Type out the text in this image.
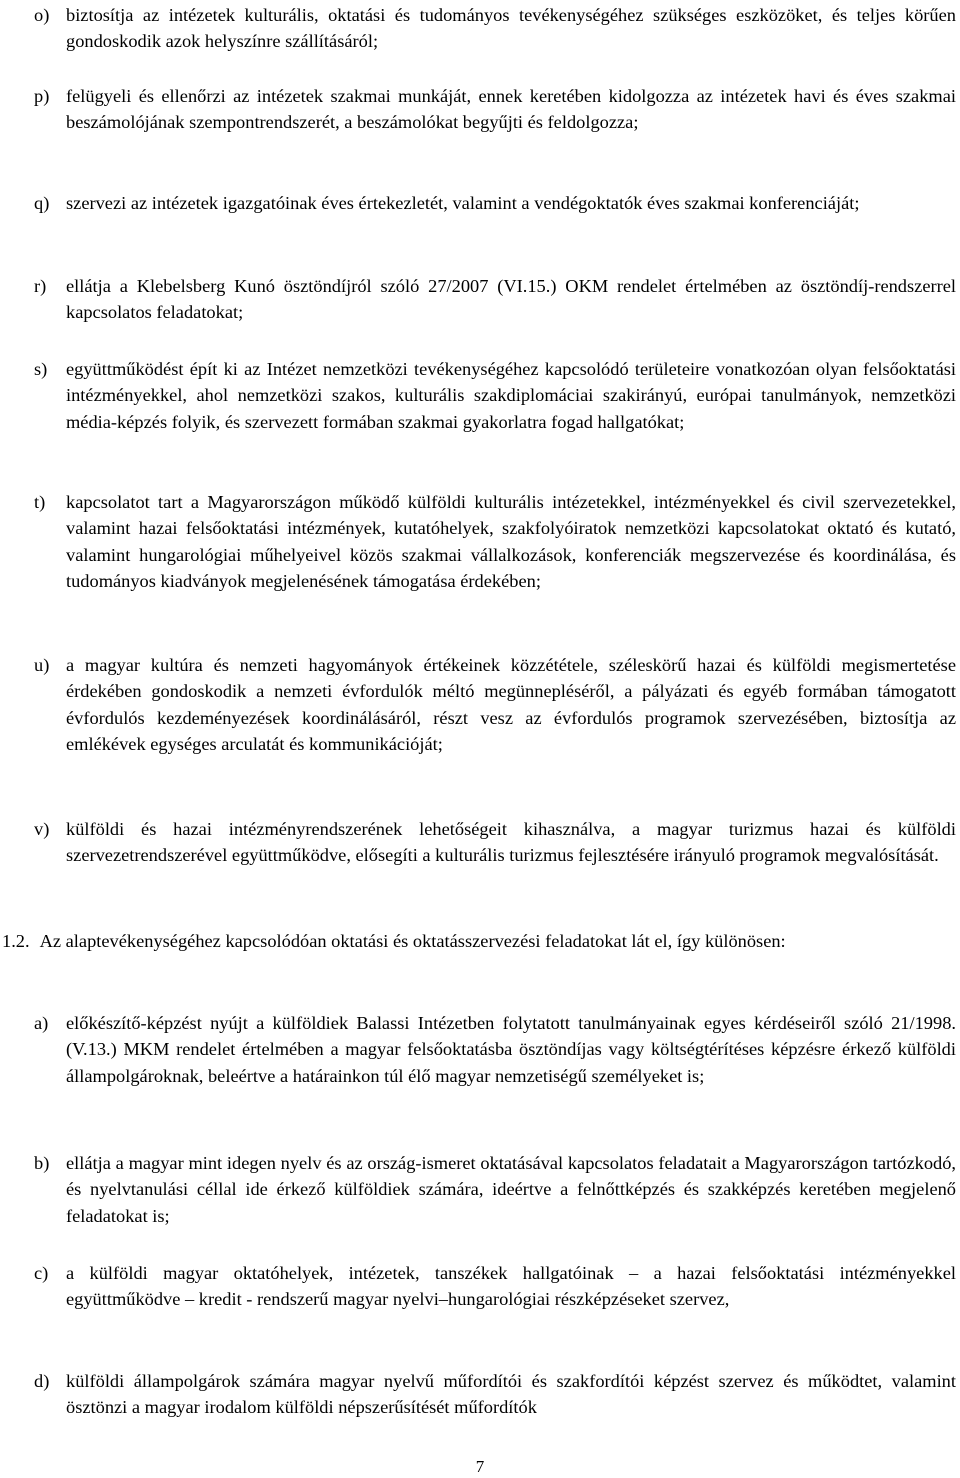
o) biztosítja az intézetek kulturális, oktatási és tudományos tevékenységéhez szükséges eszközöket, és teljes körűen gondoskodik azok helyszínre szállításáról;
p) felügyeli és ellenőrzi az intézetek szakmai munkáját, ennek keretében kidolgozza az intézetek havi és éves szakmai beszámolójának szempontrendszerét, a beszámolókat begyűjti és feldolgozza;
q) szervezi az intézetek igazgatóinak éves értekezletét, valamint a vendégoktatók éves szakmai konferenciáját;
r) ellátja a Klebelsberg Kunó ösztöndíjról szóló 27/2007 (VI.15.) OKM rendelet értelmében az ösztöndíj-rendszerrel kapcsolatos feladatokat;
s) együttműködést épít ki az Intézet nemzetközi tevékenységéhez kapcsolódó területeire vonatkozóan olyan felsőoktatási intézményekkel, ahol nemzetközi szakos, kulturális szakdiplomáciai szakirányú, európai tanulmányok, nemzetközi média-képzés folyik, és szervezett formában szakmai gyakorlatra fogad hallgatókat;
t) kapcsolatot tart a Magyarországon működő külföldi kulturális intézetekkel, intézményekkel és civil szervezetekkel, valamint hazai felsőoktatási intézmények, kutatóhelyek, szakfolyóiratok nemzetközi kapcsolatokat oktató és kutató, valamint hungarológiai műhelyeivel közös szakmai vállalkozások, konferenciák megszervezése és koordinálása, és tudományos kiadványok megjelenésének támogatása érdekében;
u) a magyar kultúra és nemzeti hagyományok értékeinek közzététele, széleskörű hazai és külföldi megismertetése érdekében gondoskodik a nemzeti évfordulók méltó megünnepléséről, a pályázati és egyéb formában támogatott évfordulós kezdeményezések koordinálásáról, részt vesz az évfordulós programok szervezésében, biztosítja az emlékévek egységes arculatát és kommunikációját;
v) külföldi és hazai intézményrendszerének lehetőségeit kihasználva, a magyar turizmus hazai és külföldi szervezetrendszerével együttműködve, elősegíti a kulturális turizmus fejlesztésére irányuló programok megvalósítását.
1.2. Az alaptevékenységéhez kapcsolódóan oktatási és oktatásszervezési feladatokat lát el, így különösen:
a) előkészítő-képzést nyújt a külföldiek Balassi Intézetben folytatott tanulmányainak egyes kérdéseiről szóló 21/1998.(V.13.) MKM rendelet értelmében a magyar felsőoktatásba ösztöndíjas vagy költségtérítéses képzésre érkező külföldi állampolgároknak, beleértve a határainkon túl élő magyar nemzetiségű személyeket is;
b) ellátja a magyar mint idegen nyelv és az ország-ismeret oktatásával kapcsolatos feladatait a Magyarországon tartózkodó, és nyelvtanulási céllal ide érkező külföldiek számára, ideértve a felnőttképzés és szakképzés keretében megjelenő feladatokat is;
c) a külföldi magyar oktatóhelyek, intézetek, tanszékek hallgatóinak – a hazai felsőoktatási intézményekkel együttműködve – kredit - rendszerű magyar nyelvi–hungarológiai részképzéseket szervez,
d) külföldi állampolgárok számára magyar nyelvű műfordítói és szakfordítói képzést szervez és működtet, valamint ösztönzi a magyar irodalom külföldi népszerűsítését műfordítók
7
